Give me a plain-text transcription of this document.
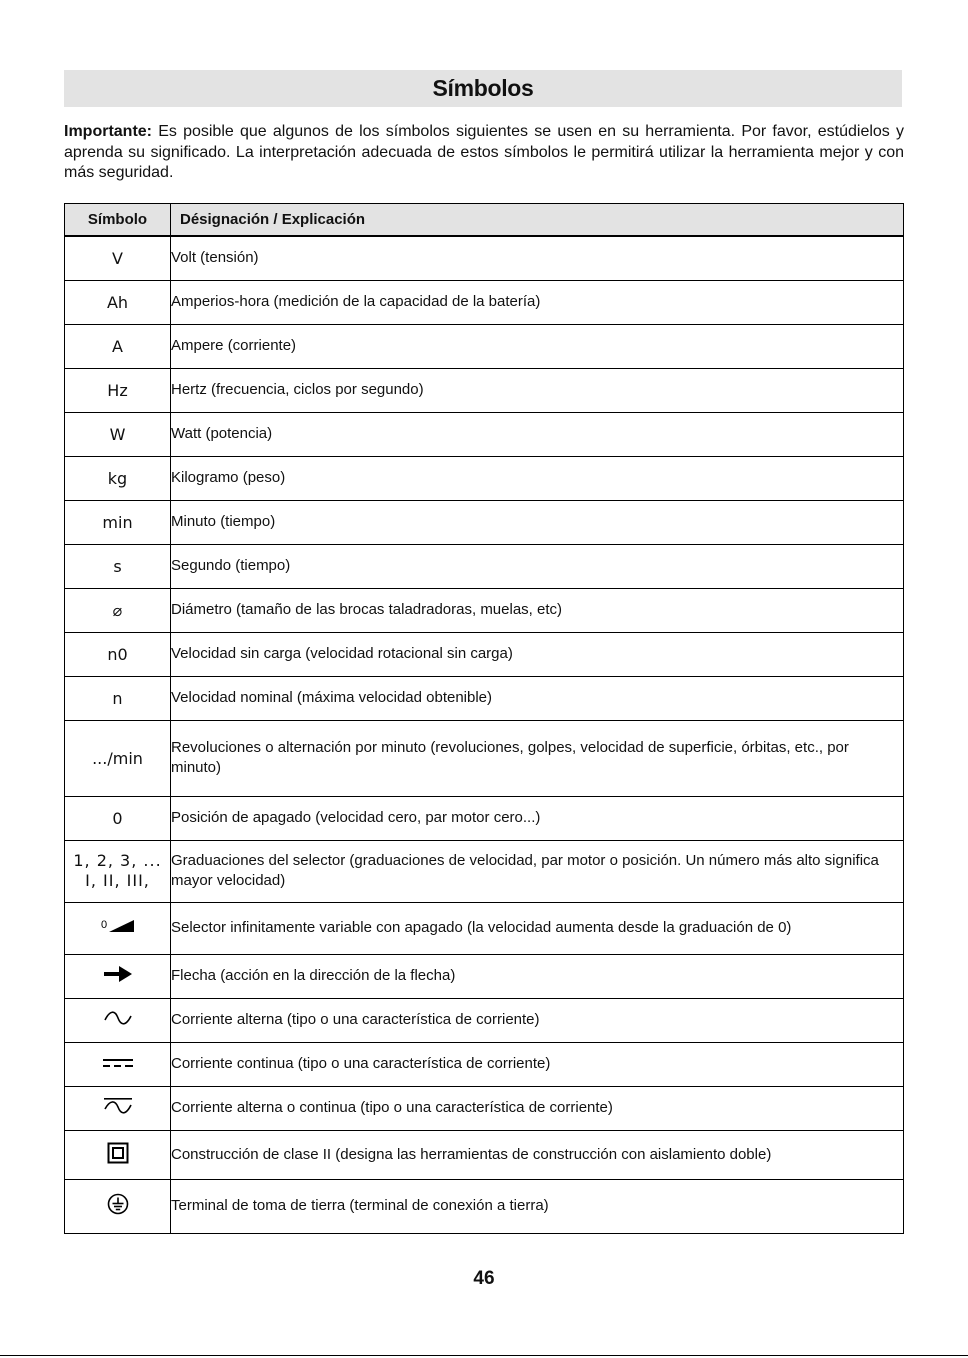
Símbolos
Importante: Es posible que algunos de los símbolos siguientes se usen en su herramienta. Por favor, estúdielos y aprenda su significado. La interpretación adecuada de estos símbolos le permitirá utilizar la herramienta mejor y con más seguridad.
Símbolo	Désignación / Explicación
V	Volt (tensión)
Ah	Amperios-hora (medición de la capacidad de la batería)
A	Ampere (corriente)
Hz	Hertz (frecuencia, ciclos por segundo)
W	Watt (potencia)
kg	Kilogramo (peso)
min	Minuto (tiempo)
s	Segundo (tiempo)
⌀	Diámetro (tamaño de las brocas taladradoras, muelas, etc)
n0	Velocidad sin carga (velocidad rotacional sin carga)
n	Velocidad nominal (máxima velocidad obtenible)
.../min	Revoluciones o alternación por minuto (revoluciones, golpes, velocidad de superficie, órbitas, etc., por minuto)
0	Posición de apagado (velocidad cero, par motor cero...)

1, 2, 3, ...
I, II, III,	Graduaciones del selector (graduaciones de velocidad, par motor o posición. Un número más alto significa mayor velocidad)

0	Selector infinitamente variable con apagado (la velocidad aumenta desde la graduación de 0)

	Flecha (acción en la dirección de la flecha)

	Corriente alterna (tipo o una característica de corriente)

	Corriente continua (tipo o una característica de corriente)

	Corriente alterna o continua (tipo o una característica de corriente)

	Construcción de clase II (designa las herramientas de construcción con aislamiento doble)

	Terminal de toma de tierra (terminal de conexión a tierra)
46
